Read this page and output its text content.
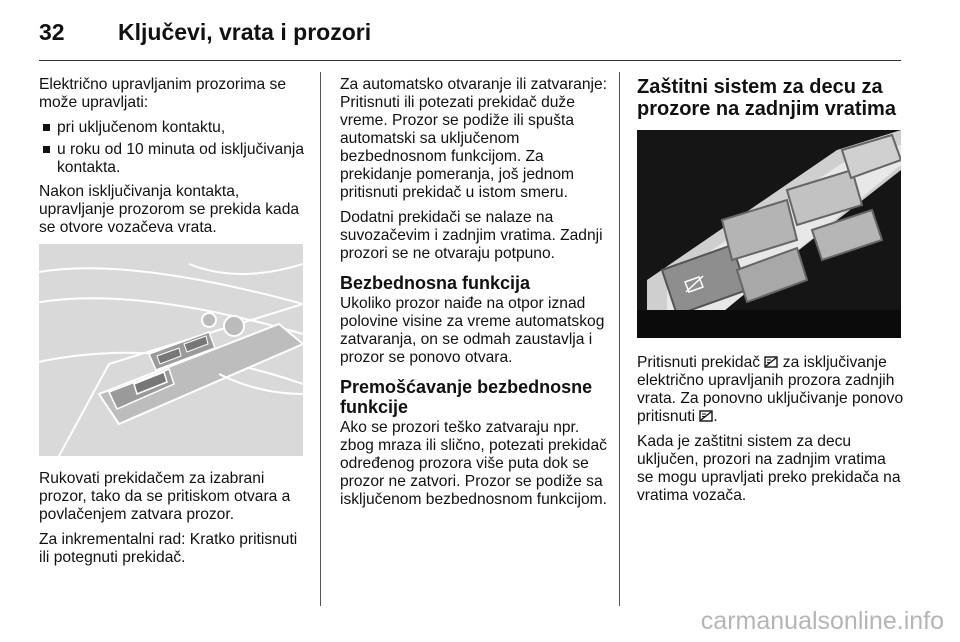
32 Ključevi, vrata i prozori

Električno upravljanim prozorima se može upravljati:

pri uključenom kontaktu,
u roku od 10 minuta od isključivanja kontakta.

Nakon isključivanja kontakta, upravljanje prozorom se prekida kada se otvore vozačeva vrata.

Rukovati prekidačem za izabrani prozor, tako da se pritiskom otvara a povlačenjem zatvara prozor.

Za inkrementalni rad: Kratko pritisnuti ili potegnuti prekidač.

Za automatsko otvaranje ili zatvaranje: Pritisnuti ili potezati prekidač duže vreme. Prozor se podiže ili spušta automatski sa uključenom bezbednosnom funkcijom. Za prekidanje pomeranja, još jednom pritisnuti prekidač u istom smeru.

Dodatni prekidači se nalaze na suvozačevim i zadnjim vratima. Zadnji prozori se ne otvaraju potpuno.

Bezbednosna funkcija

Ukoliko prozor naiđe na otpor iznad polovine visine za vreme automatskog zatvaranja, on se odmah zaustavlja i prozor se ponovo otvara.

Premošćavanje bezbednosne funkcije

Ako se prozori teško zatvaraju npr. zbog mraza ili slično, potezati prekidač određenog prozora više puta dok se prozor ne zatvori. Prozor se podiže sa isključenom bezbednosnom funkcijom.

Zaštitni sistem za decu za prozore na zadnjim vratima

Pritisnuti prekidač za isključivanje električno upravljanih prozora zadnjih vrata. Za ponovno uključivanje ponovo pritisnuti .

Kada je zaštitni sistem za decu uključen, prozori na zadnjim vratima se mogu upravljati preko prekidača na vratima vozača.

carmanualsonline.info
